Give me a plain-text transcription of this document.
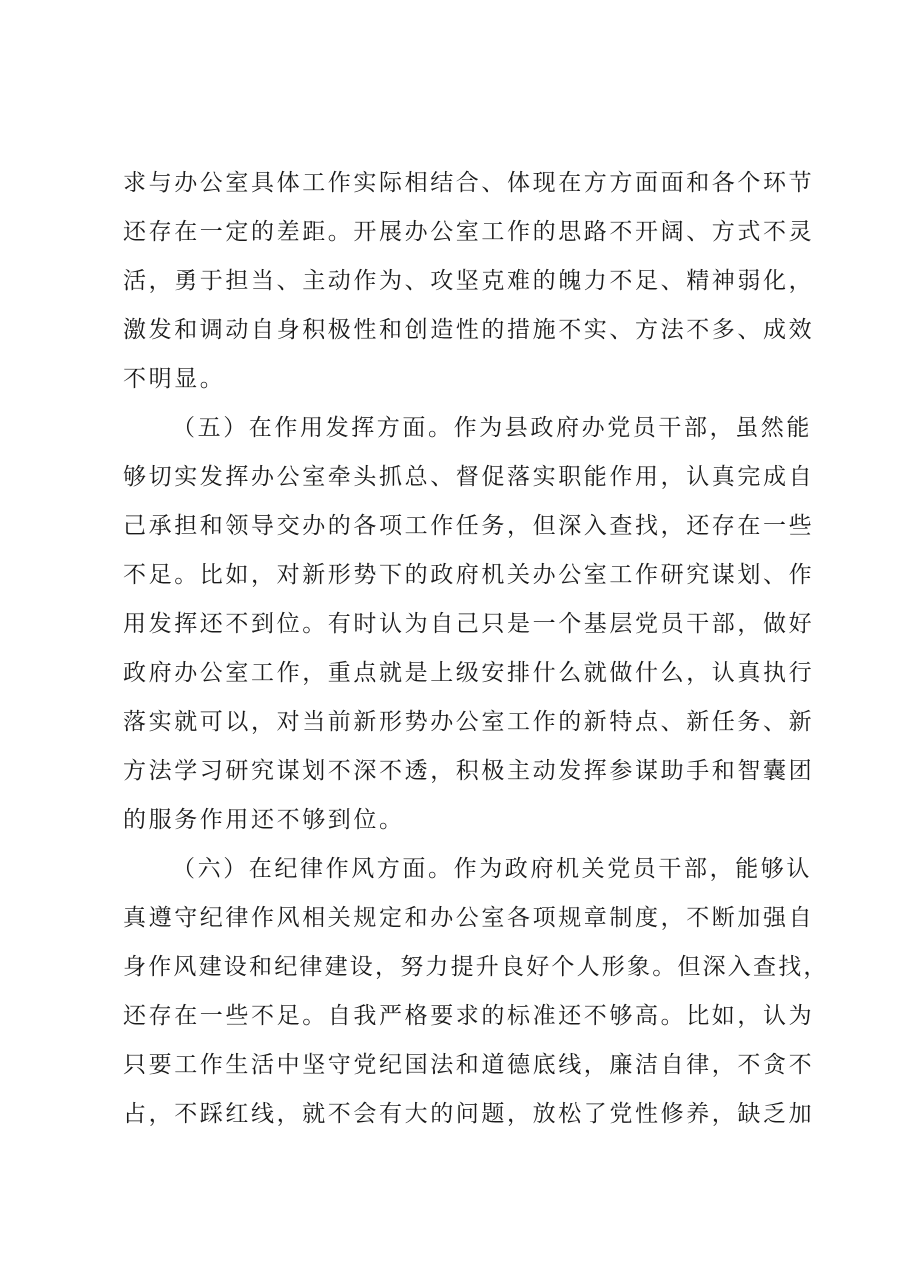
求与办公室具体工作实际相结合、体现在方方面面和各个环节
还存在一定的差距。开展办公室工作的思路不开阔、方式不灵
活，勇于担当、主动作为、攻坚克难的魄力不足、精神弱化，
激发和调动自身积极性和创造性的措施不实、方法不多、成效
不明显。
（五）在作用发挥方面。作为县政府办党员干部，虽然能
够切实发挥办公室牵头抓总、督促落实职能作用，认真完成自
己承担和领导交办的各项工作任务，但深入查找，还存在一些
不足。比如，对新形势下的政府机关办公室工作研究谋划、作
用发挥还不到位。有时认为自己只是一个基层党员干部，做好
政府办公室工作，重点就是上级安排什么就做什么，认真执行
落实就可以，对当前新形势办公室工作的新特点、新任务、新
方法学习研究谋划不深不透，积极主动发挥参谋助手和智囊团
的服务作用还不够到位。
（六）在纪律作风方面。作为政府机关党员干部，能够认
真遵守纪律作风相关规定和办公室各项规章制度，不断加强自
身作风建设和纪律建设，努力提升良好个人形象。但深入查找，
还存在一些不足。自我严格要求的标准还不够高。比如，认为
只要工作生活中坚守党纪国法和道德底线，廉洁自律，不贪不
占，不踩红线，就不会有大的问题，放松了党性修养，缺乏加
